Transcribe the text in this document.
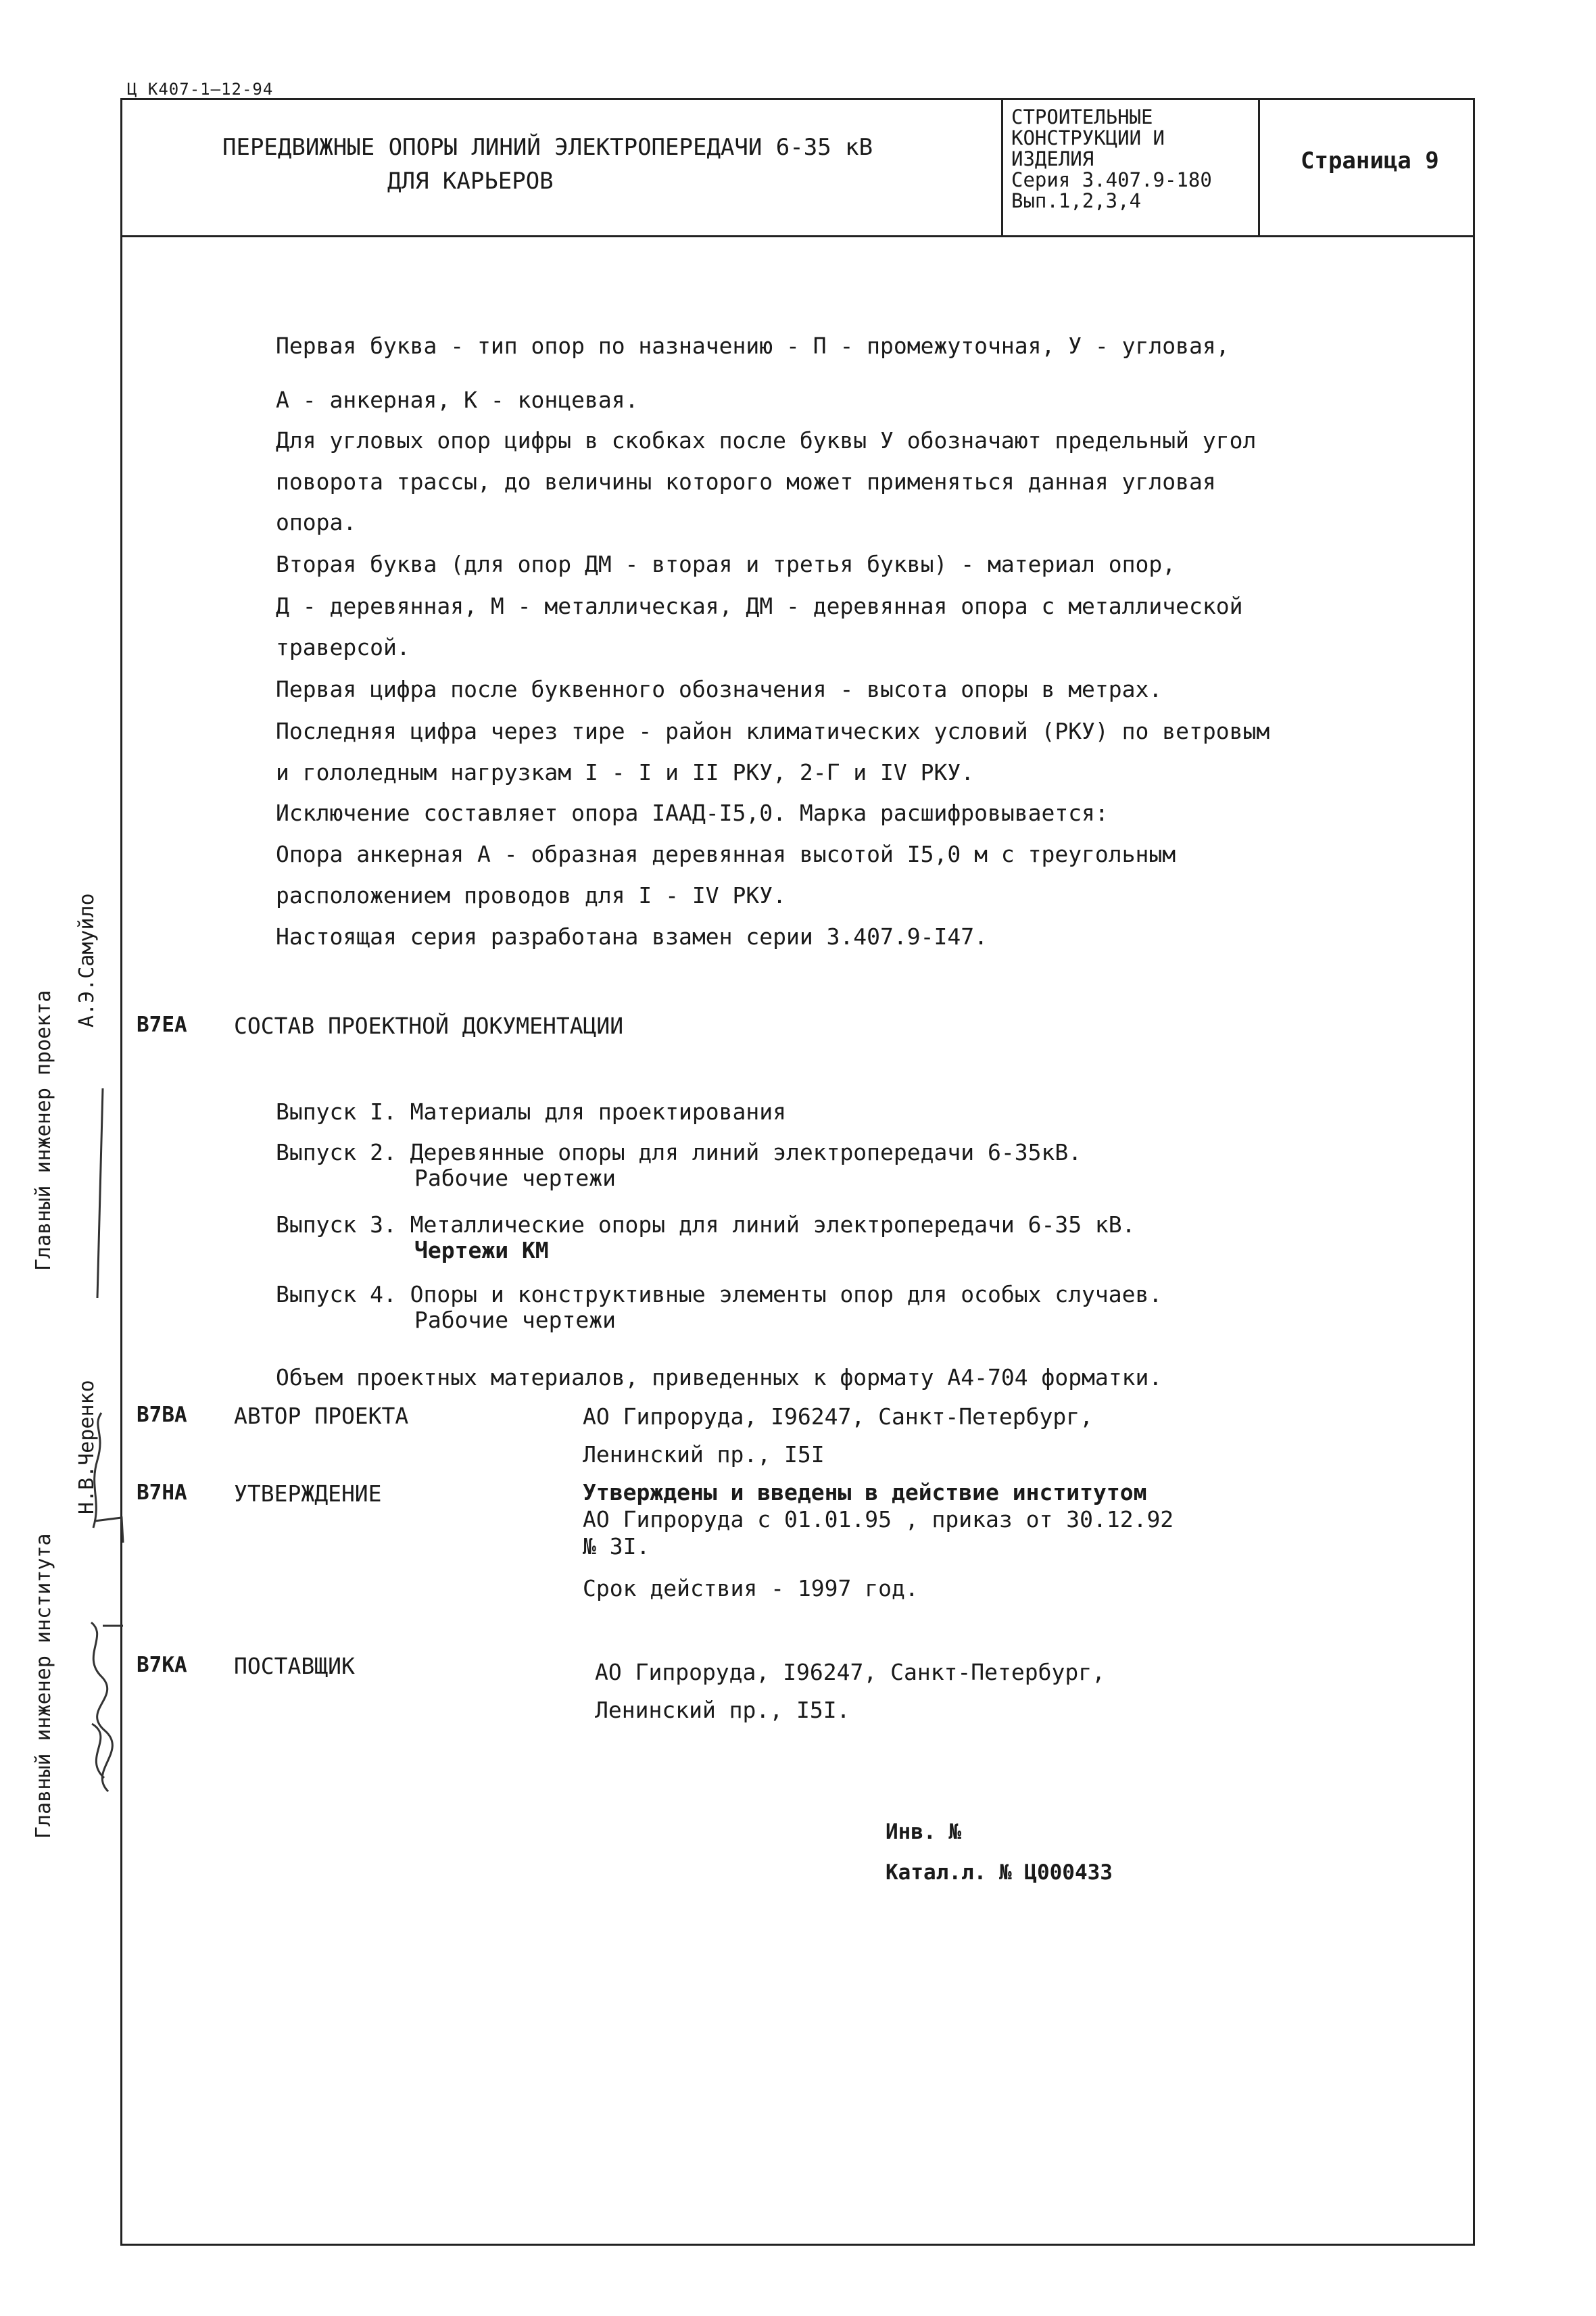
Ц К407-1—12-94
ПЕРЕДВИЖНЫЕ ОПОРЫ ЛИНИЙ ЭЛЕКТРОПЕРЕДАЧИ 6-35 кВ
ДЛЯ КАРЬЕРОВ
СТРОИТЕЛЬНЫЕ
КОНСТРУКЦИИ И
ИЗДЕЛИЯ
Серия 3.407.9-180
Вып.1,2,3,4
Страница 9
Первая буква - тип опор по назначению - П - промежуточная, У - угловая,
А - анкерная, К - концевая.
Для угловых опор цифры в скобках после буквы У обозначают предельный угол
поворота трассы, до величины которого может применяться данная угловая
опора.
Вторая буква (для опор ДМ - вторая и третья буквы) - материал опор,
Д - деревянная, М - металлическая, ДМ - деревянная опора с металлической
траверсой.
Первая цифра после буквенного обозначения - высота опоры в метрах.
Последняя цифра через тире - район климатических условий (РКУ) по ветровым
и гололедным нагрузкам I - I и II РКУ, 2-Г и IV РКУ.
Исключение составляет опора IААД-I5,0. Марка расшифровывается:
Опора анкерная А - образная деревянная высотой I5,0 м с треугольным
расположением проводов для I - IV РКУ.
Настоящая серия разработана взамен серии 3.407.9-I47.
В7ЕА СОСТАВ ПРОЕКТНОЙ ДОКУМЕНТАЦИИ
Выпуск I. Материалы для проектирования
Выпуск 2. Деревянные опоры для линий электропередачи 6-35кВ.
Рабочие чертежи
Выпуск 3. Металлические опоры для линий электропередачи 6-35 кВ.
Чертежи КМ
Выпуск 4. Опоры и конструктивные элементы опор для особых случаев.
Рабочие чертежи
Объем проектных материалов, приведенных к формату А4-704 форматки.
В7ВА АВТОР ПРОЕКТА	АО Гипроруда, I96247, Санкт-Петербург,
Ленинский пр., I5I
В7НА УТВЕРЖДЕНИЕ	Утверждены и введены в действие институтом
АО Гипроруда с 01.01.95 , приказ от 30.12.92
№ 3I.
Срок действия - 1997 год.
В7КА ПОСТАВЩИК	АО Гипроруда, I96247, Санкт-Петербург,
Ленинский пр., I5I.
Инв. №
Катал.л. № Ц000433
Главный инженер проекта
А.Э.Самуйло
Н.В.Черенко
Главный инженер института
